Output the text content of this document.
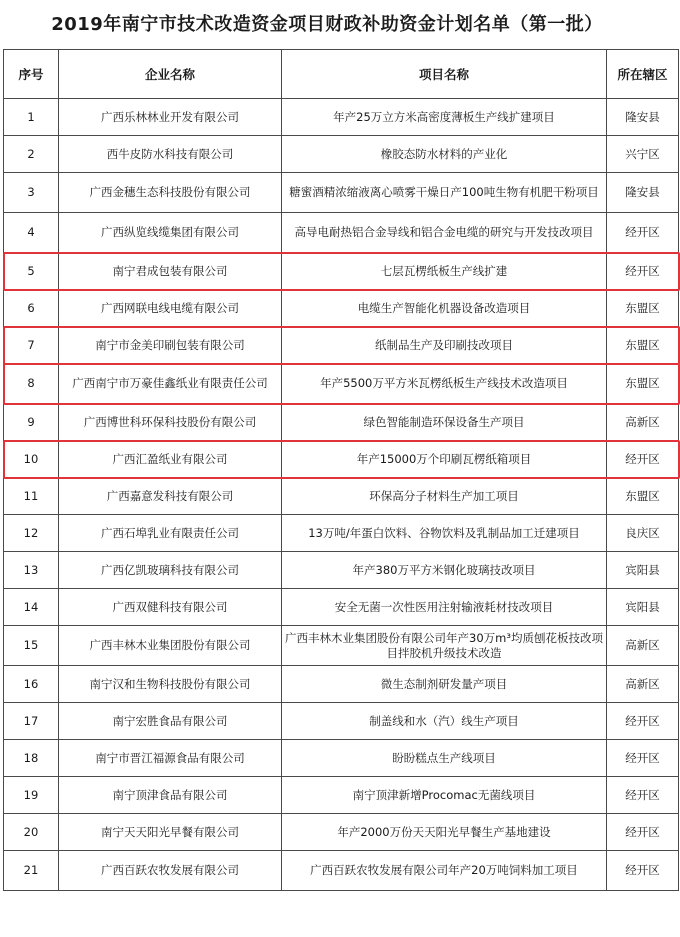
2019年南宁市技术改造资金项目财政补助资金计划名单（第一批）
序号	企业名称	项目名称	所在辖区
1	广西乐林林业开发有限公司	年产25万立方米高密度薄板生产线扩建项目	隆安县
2	西牛皮防水科技有限公司	橡胶态防水材料的产业化	兴宁区
3	广西金穗生态科技股份有限公司	糖蜜酒精浓缩液离心喷雾干燥日产100吨生物有机肥干粉项目	隆安县
4	广西纵览线缆集团有限公司	高导电耐热铝合金导线和铝合金电缆的研究与开发技改项目	经开区
5	南宁君成包装有限公司	七层瓦楞纸板生产线扩建	经开区
6	广西网联电线电缆有限公司	电缆生产智能化机器设备改造项目	东盟区
7	南宁市金美印刷包装有限公司	纸制品生产及印刷技改项目	东盟区
8	广西南宁市万豪佳鑫纸业有限责任公司	年产5500万平方米瓦楞纸板生产线技术改造项目	东盟区
9	广西博世科环保科技股份有限公司	绿色智能制造环保设备生产项目	高新区
10	广西汇盈纸业有限公司	年产15000万个印刷瓦楞纸箱项目	经开区
11	广西嘉意发科技有限公司	环保高分子材料生产加工项目	东盟区
12	广西石埠乳业有限责任公司	13万吨/年蛋白饮料、谷物饮料及乳制品加工迁建项目	良庆区
13	广西亿凯玻璃科技有限公司	年产380万平方米钢化玻璃技改项目	宾阳县
14	广西双健科技有限公司	安全无菌一次性医用注射输液耗材技改项目	宾阳县
15	广西丰林木业集团股份有限公司	广西丰林木业集团股份有限公司年产30万m³均质刨花板技改项目拌胶机升级技术改造	高新区
16	南宁汉和生物科技股份有限公司	微生态制剂研发量产项目	高新区
17	南宁宏胜食品有限公司	制盖线和水（汽）线生产项目	经开区
18	南宁市晋江福源食品有限公司	盼盼糕点生产线项目	经开区
19	南宁顶津食品有限公司	南宁顶津新增Procomac无菌线项目	经开区
20	南宁天天阳光早餐有限公司	年产2000万份天天阳光早餐生产基地建设	经开区
21	广西百跃农牧发展有限公司	广西百跃农牧发展有限公司年产20万吨饲料加工项目	经开区
